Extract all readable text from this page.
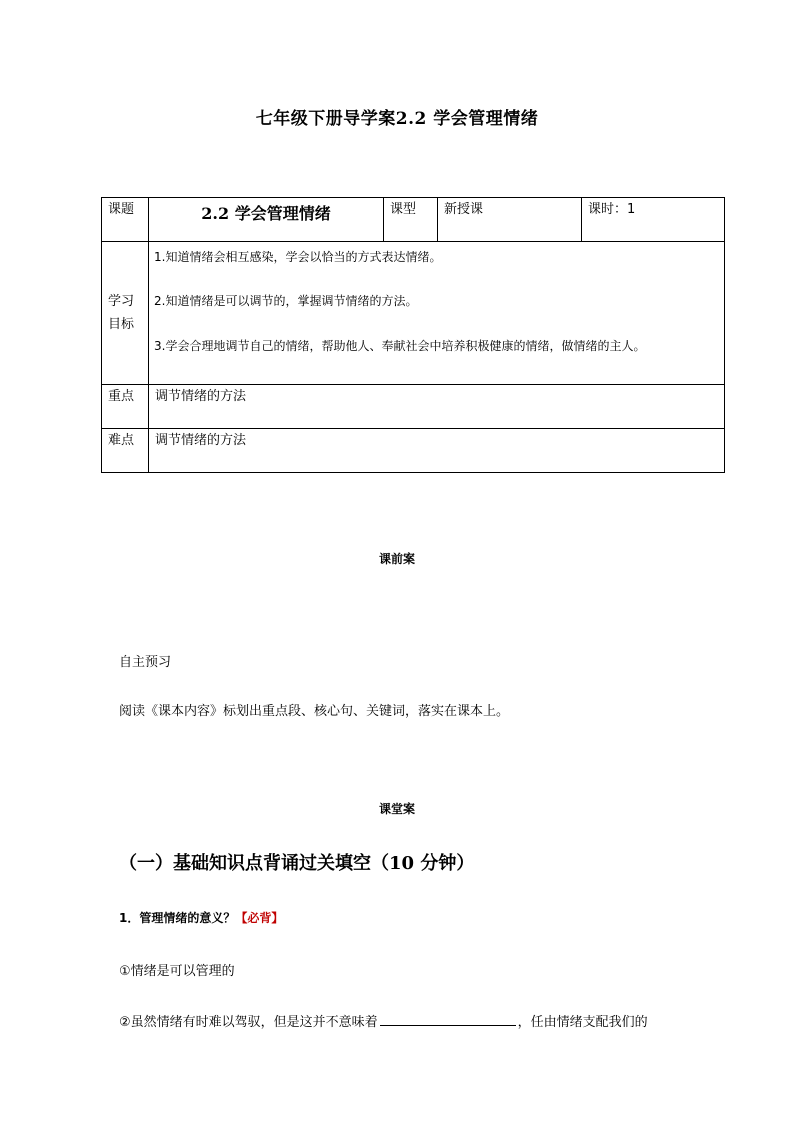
七年级下册导学案2.2 学会管理情绪
课题	2.2 学会管理情绪	课型	新授课	课时：1
学习目标	1.知道情绪会相互感染，学会以恰当的方式表达情绪。
2.知道情绪是可以调节的，掌握调节情绪的方法。
3.学会合理地调节自己的情绪，帮助他人、奉献社会中培养积极健康的情绪，做情绪的主人。			

重点	调节情绪的方法			
难点	调节情绪的方法			
课前案
自主预习
阅读《课本内容》标划出重点段、核心句、关键词，落实在课本上。
课堂案
（一）基础知识点背诵过关填空（10 分钟）
1．管理情绪的意义？【必背】
①情绪是可以管理的
②虽然情绪有时难以驾驭，但是这并不意味着	，任由情绪支配我们的
